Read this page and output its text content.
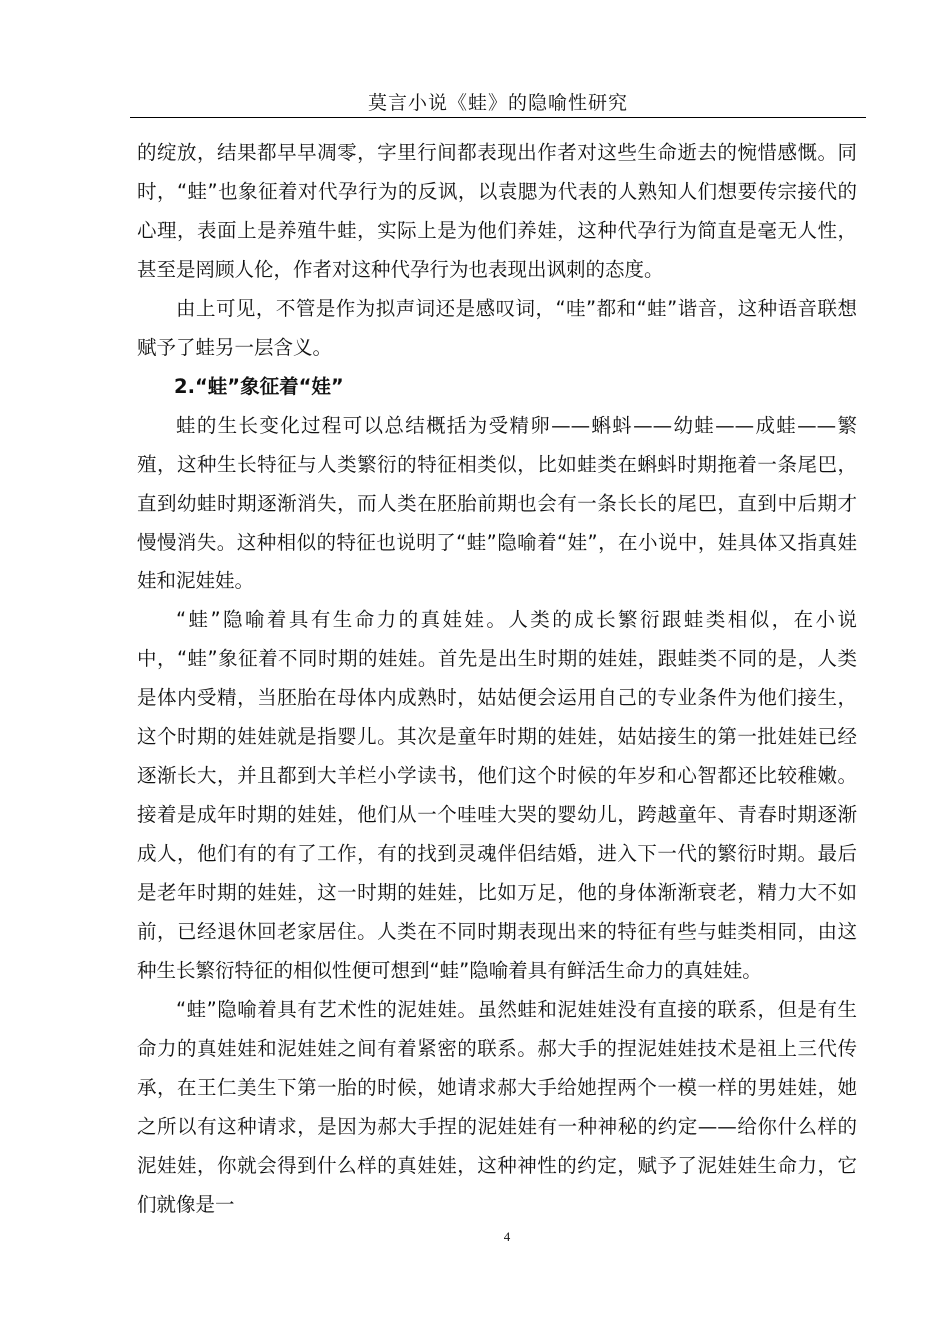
莫言小说《蛙》的隐喻性研究

的绽放，结果都早早凋零，字里行间都表现出作者对这些生命逝去的惋惜感慨。同时，“蛙”也象征着对代孕行为的反讽，以袁腮为代表的人熟知人们想要传宗接代的心理，表面上是养殖牛蛙，实际上是为他们养娃，这种代孕行为简直是毫无人性，甚至是罔顾人伦，作者对这种代孕行为也表现出讽刺的态度。

由上可见，不管是作为拟声词还是感叹词，“哇”都和“蛙”谐音，这种语音联想赋予了蛙另一层含义。

2.“蛙”象征着“娃”

蛙的生长变化过程可以总结概括为受精卵——蝌蚪——幼蛙——成蛙——繁殖，这种生长特征与人类繁衍的特征相类似，比如蛙类在蝌蚪时期拖着一条尾巴，直到幼蛙时期逐渐消失，而人类在胚胎前期也会有一条长长的尾巴，直到中后期才慢慢消失。这种相似的特征也说明了“蛙”隐喻着“娃”，在小说中，娃具体又指真娃娃和泥娃娃。

“蛙”隐喻着具有生命力的真娃娃。人类的成长繁衍跟蛙类相似，在小说中，“蛙”象征着不同时期的娃娃。首先是出生时期的娃娃，跟蛙类不同的是，人类是体内受精，当胚胎在母体内成熟时，姑姑便会运用自己的专业条件为他们接生，这个时期的娃娃就是指婴儿。其次是童年时期的娃娃，姑姑接生的第一批娃娃已经逐渐长大，并且都到大羊栏小学读书，他们这个时候的年岁和心智都还比较稚嫩。接着是成年时期的娃娃，他们从一个哇哇大哭的婴幼儿，跨越童年、青春时期逐渐成人，他们有的有了工作，有的找到灵魂伴侣结婚，进入下一代的繁衍时期。最后是老年时期的娃娃，这一时期的娃娃，比如万足，他的身体渐渐衰老，精力大不如前，已经退休回老家居住。人类在不同时期表现出来的特征有些与蛙类相同，由这种生长繁衍特征的相似性便可想到“蛙”隐喻着具有鲜活生命力的真娃娃。

“蛙”隐喻着具有艺术性的泥娃娃。虽然蛙和泥娃娃没有直接的联系，但是有生命力的真娃娃和泥娃娃之间有着紧密的联系。郝大手的捏泥娃娃技术是祖上三代传承，在王仁美生下第一胎的时候，她请求郝大手给她捏两个一模一样的男娃娃，她之所以有这种请求，是因为郝大手捏的泥娃娃有一种神秘的约定——给你什么样的泥娃娃，你就会得到什么样的真娃娃，这种神性的约定，赋予了泥娃娃生命力，它们就像是一

4
